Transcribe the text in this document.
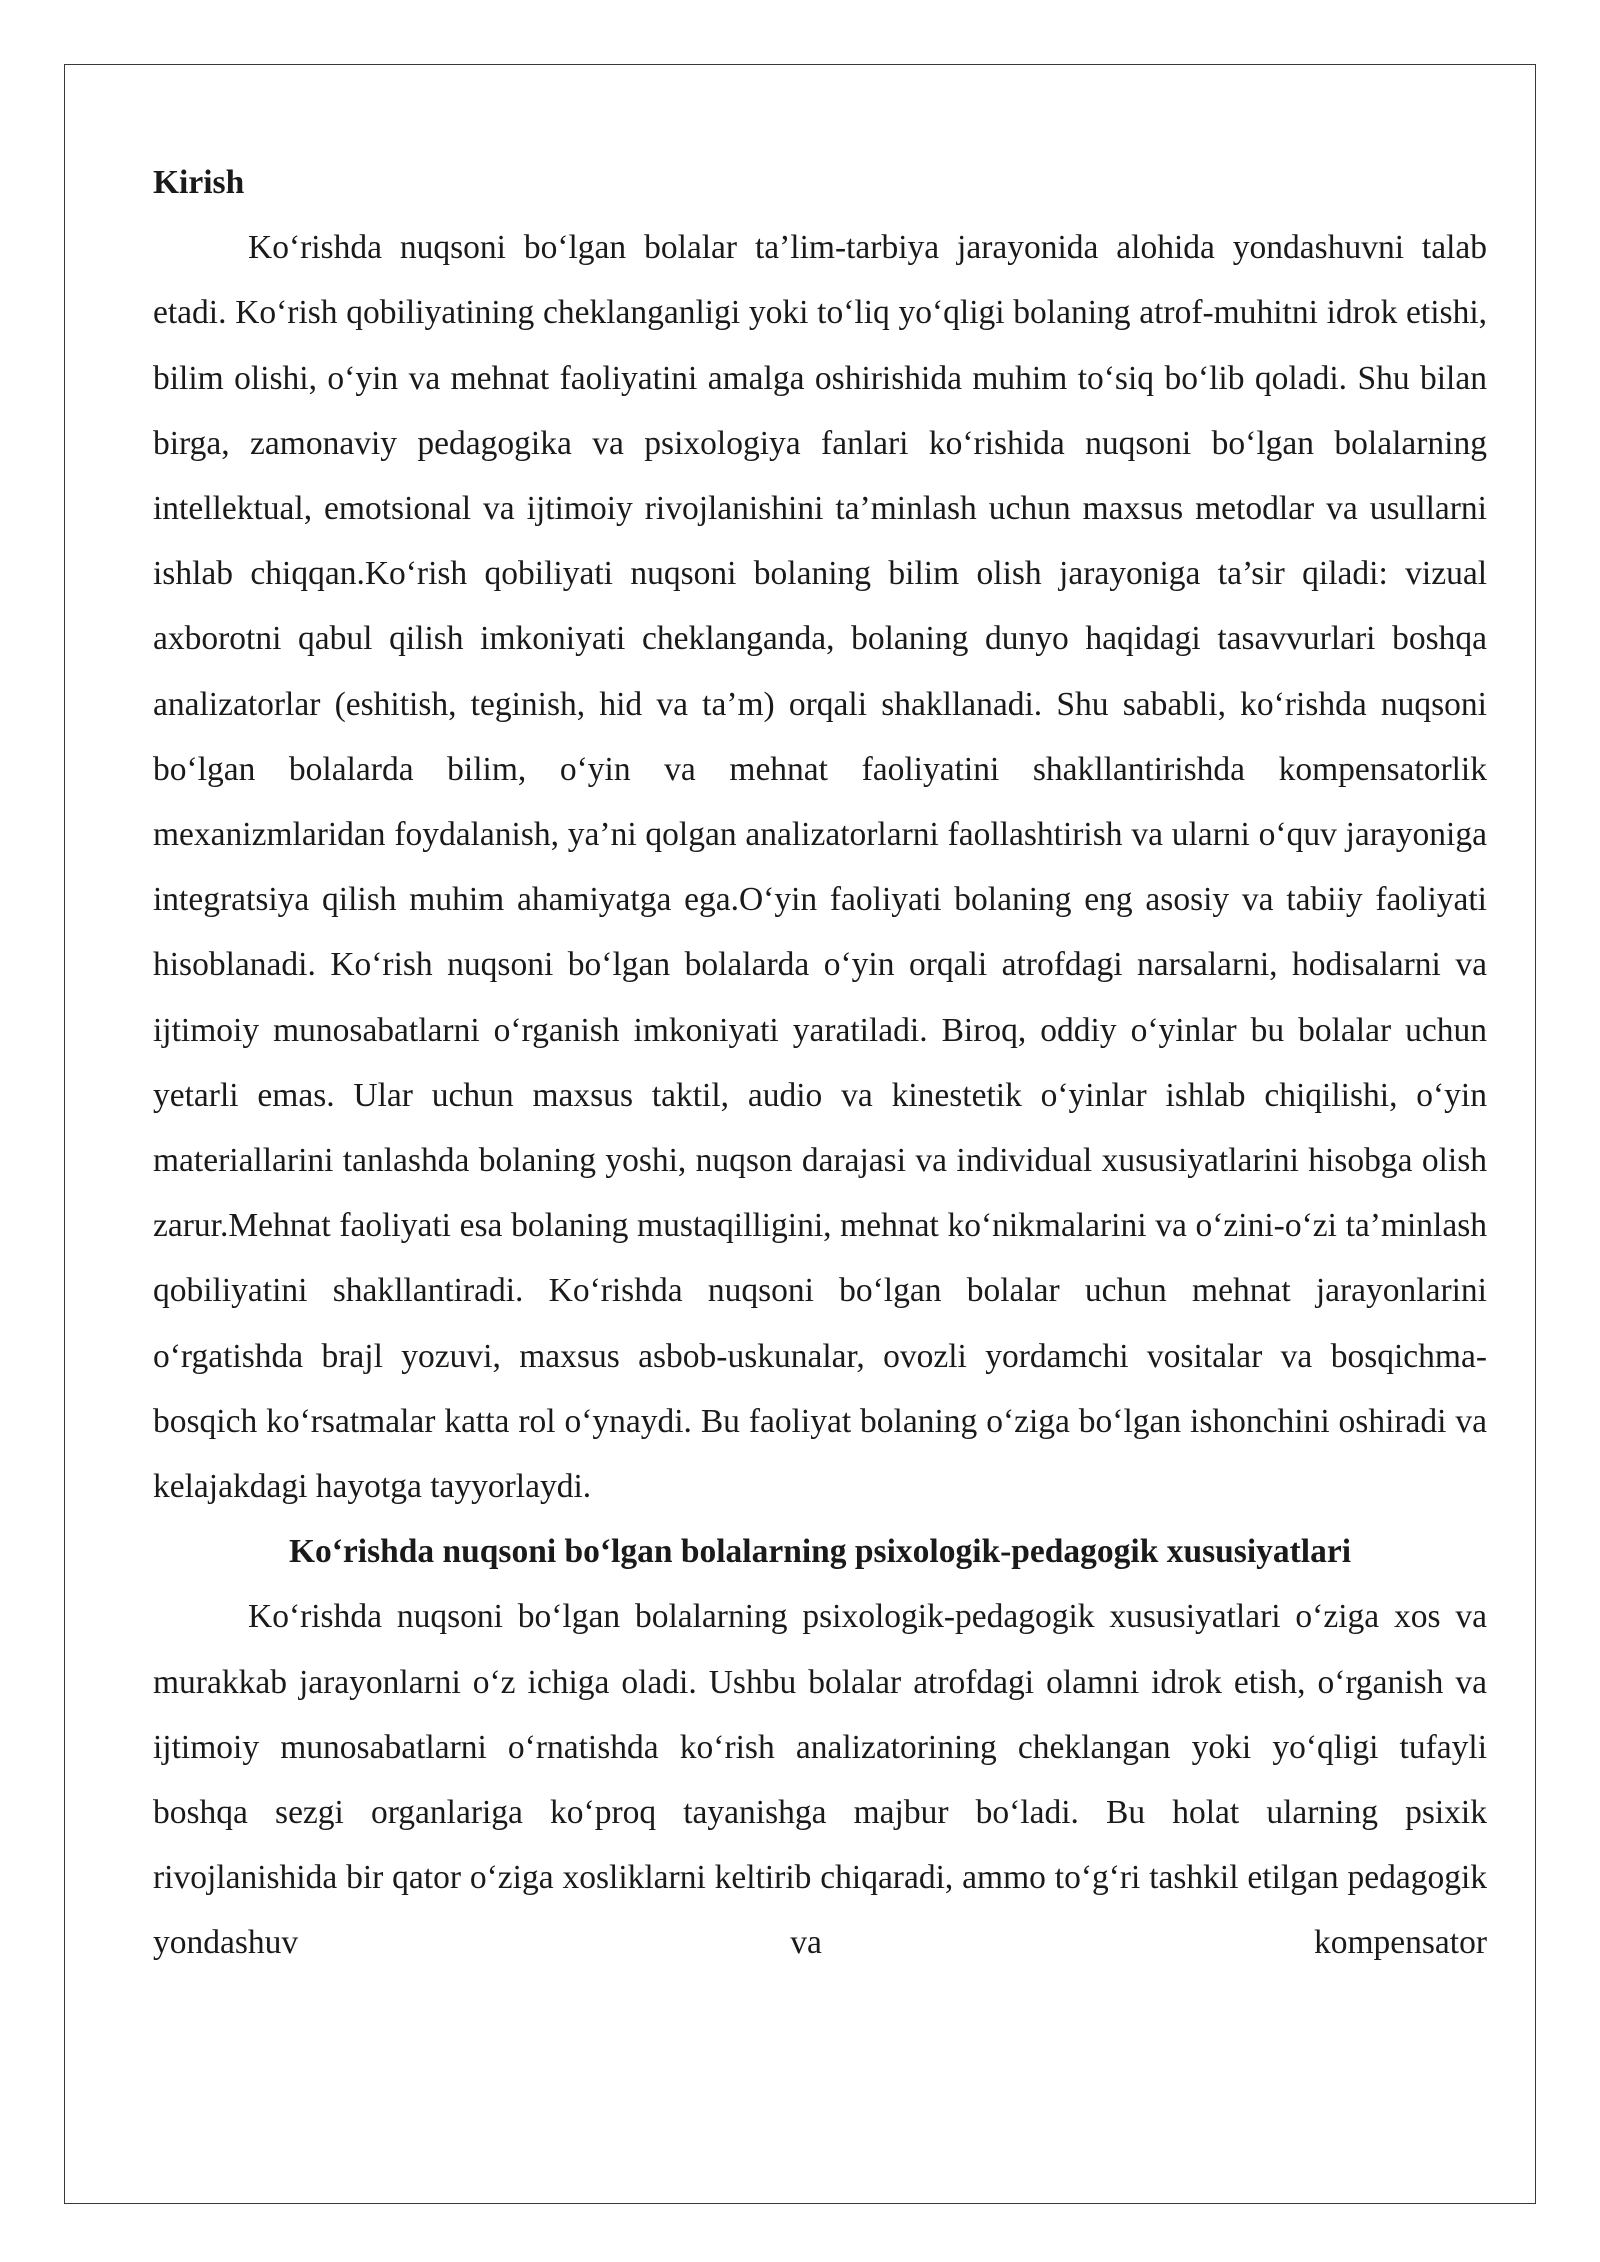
Kirish

Ko‘rishda nuqsoni bo‘lgan bolalar ta’lim-tarbiya jarayonida alohida yondashuvni talab etadi. Ko‘rish qobiliyatining cheklanganligi yoki to‘liq yo‘qligi bolaning atrof-muhitni idrok etishi, bilim olishi, o‘yin va mehnat faoliyatini amalga oshirishida muhim to‘siq bo‘lib qoladi. Shu bilan birga, zamonaviy pedagogika va psixologiya fanlari ko‘rishida nuqsoni bo‘lgan bolalarning intellektual, emotsional va ijtimoiy rivojlanishini ta’minlash uchun maxsus metodlar va usullarni ishlab chiqqan.Ko‘rish qobiliyati nuqsoni bolaning bilim olish jarayoniga ta’sir qiladi: vizual axborotni qabul qilish imkoniyati cheklanganda, bolaning dunyo haqidagi tasavvurlari boshqa analizatorlar (eshitish, teginish, hid va ta’m) orqali shakllanadi. Shu sababli, ko‘rishda nuqsoni bo‘lgan bolalarda bilim, o‘yin va mehnat faoliyatini shakllantirishda kompensatorlik mexanizmlaridan foydalanish, ya’ni qolgan analizatorlarni faollashtirish va ularni o‘quv jarayoniga integratsiya qilish muhim ahamiyatga ega.O‘yin faoliyati bolaning eng asosiy va tabiiy faoliyati hisoblanadi. Ko‘rish nuqsoni bo‘lgan bolalarda o‘yin orqali atrofdagi narsalarni, hodisalarni va ijtimoiy munosabatlarni o‘rganish imkoniyati yaratiladi. Biroq, oddiy o‘yinlar bu bolalar uchun yetarli emas. Ular uchun maxsus taktil, audio va kinestetik o‘yinlar ishlab chiqilishi, o‘yin materiallarini tanlashda bolaning yoshi, nuqson darajasi va individual xususiyatlarini hisobga olish zarur.Mehnat faoliyati esa bolaning mustaqilligini, mehnat ko‘nikmalarini va o‘zini-o‘zi ta’minlash qobiliyatini shakllantiradi. Ko‘rishda nuqsoni bo‘lgan bolalar uchun mehnat jarayonlarini o‘rgatishda brajl yozuvi, maxsus asbob-uskunalar, ovozli yordamchi vositalar va bosqichma-bosqich ko‘rsatmalar katta rol o‘ynaydi. Bu faoliyat bolaning o‘ziga bo‘lgan ishonchini oshiradi va kelajakdagi hayotga tayyorlaydi.

Ko‘rishda nuqsoni bo‘lgan bolalarning psixologik-pedagogik xususiyatlari

Ko‘rishda nuqsoni bo‘lgan bolalarning psixologik-pedagogik xususiyatlari o‘ziga xos va murakkab jarayonlarni o‘z ichiga oladi. Ushbu bolalar atrofdagi olamni idrok etish, o‘rganish va ijtimoiy munosabatlarni o‘rnatishda ko‘rish analizatorining cheklangan yoki yo‘qligi tufayli boshqa sezgi organlariga ko‘proq tayanishga majbur bo‘ladi. Bu holat ularning psixik rivojlanishida bir qator o‘ziga xosliklarni keltirib chiqaradi, ammo to‘g‘ri tashkil etilgan pedagogik yondashuv va kompensator
